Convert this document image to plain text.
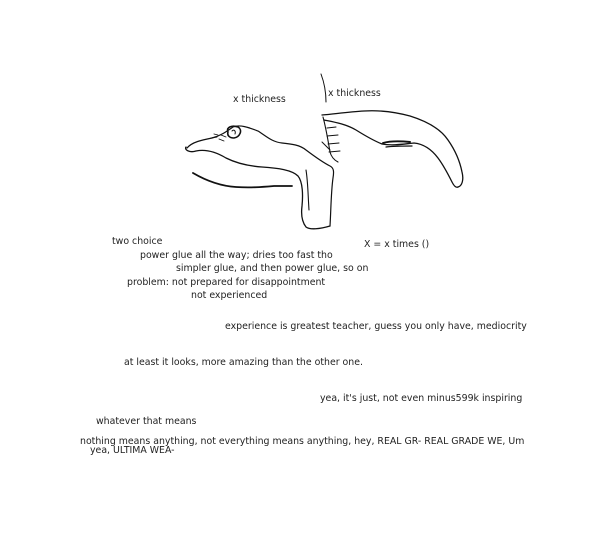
x thickness
x thickness
X = x times ()
two choice
power glue all the way; dries too fast tho
simpler glue, and then power glue, so on
problem: not prepared for disappointment
not experienced
experience is greatest teacher, guess you only have, mediocrity
at least it looks, more amazing than the other one.
yea, it's just, not even minus599k inspiring
whatever that means
nothing means anything, not everything means anything, hey, REAL GR- REAL GRADE WE, Um
yea, ULTIMA WEA-
